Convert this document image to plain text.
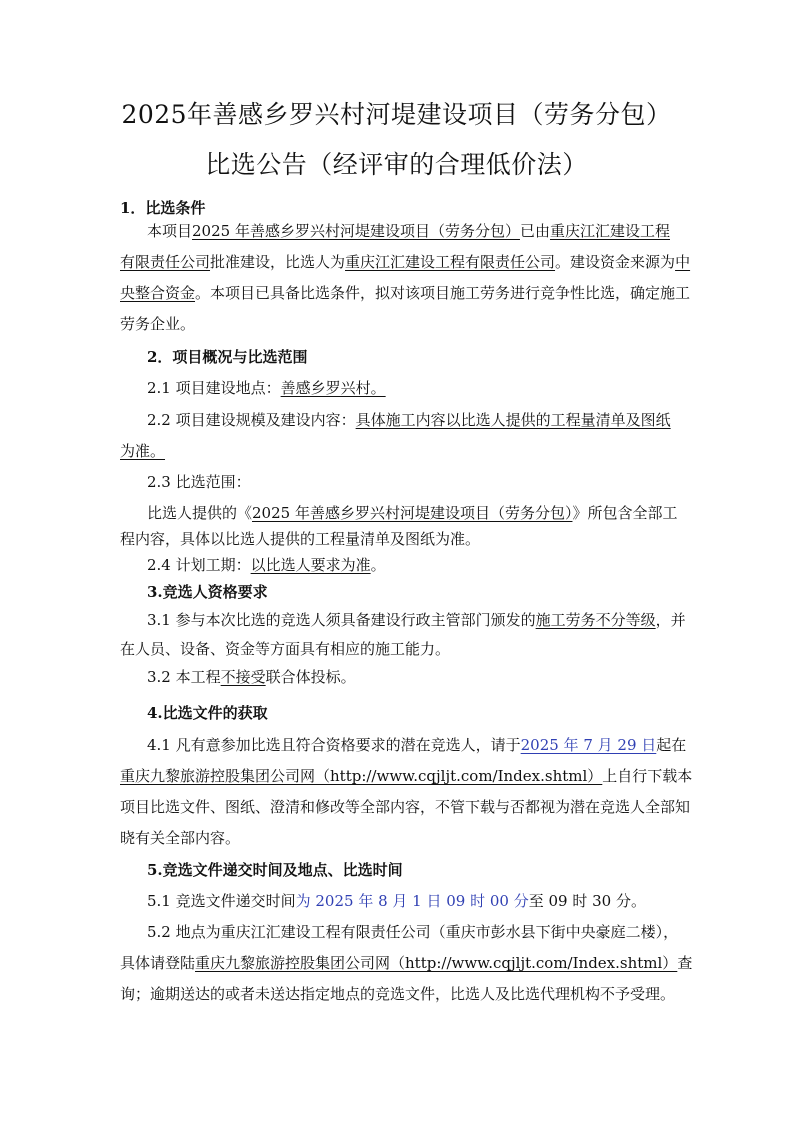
2025年善感乡罗兴村河堤建设项目（劳务分包）
比选公告（经评审的合理低价法）
1．比选条件
本项目2025 年善感乡罗兴村河堤建设项目（劳务分包）已由重庆江汇建设工程
有限责任公司批准建设，比选人为重庆江汇建设工程有限责任公司。建设资金来源为中
央整合资金。本项目已具备比选条件，拟对该项目施工劳务进行竞争性比选，确定施工
劳务企业。
2．项目概况与比选范围
2.1 项目建设地点：善感乡罗兴村。
2.2 项目建设规模及建设内容：具体施工内容以比选人提供的工程量清单及图纸
为准。
2.3 比选范围：
比选人提供的《2025 年善感乡罗兴村河堤建设项目（劳务分包）》所包含全部工
程内容，具体以比选人提供的工程量清单及图纸为准。
2.4 计划工期：以比选人要求为准。
3.竞选人资格要求
3.1 参与本次比选的竞选人须具备建设行政主管部门颁发的施工劳务不分等级，并
在人员、设备、资金等方面具有相应的施工能力。
3.2 本工程不接受联合体投标。
4.比选文件的获取
4.1 凡有意参加比选且符合资格要求的潜在竞选人，请于2025 年 7 月 29 日起在
重庆九黎旅游控股集团公司网（http://www.cqjljt.com/Index.shtml）上自行下载本
项目比选文件、图纸、澄清和修改等全部内容，不管下载与否都视为潜在竞选人全部知
晓有关全部内容。
5.竞选文件递交时间及地点、比选时间
5.1 竞选文件递交时间为 2025 年 8 月 1 日 09 时 00 分至 09 时 30 分。
5.2 地点为重庆江汇建设工程有限责任公司（重庆市彭水县下街中央豪庭二楼），
具体请登陆重庆九黎旅游控股集团公司网（http://www.cqjljt.com/Index.shtml）查
询；逾期送达的或者未送达指定地点的竞选文件，比选人及比选代理机构不予受理。
